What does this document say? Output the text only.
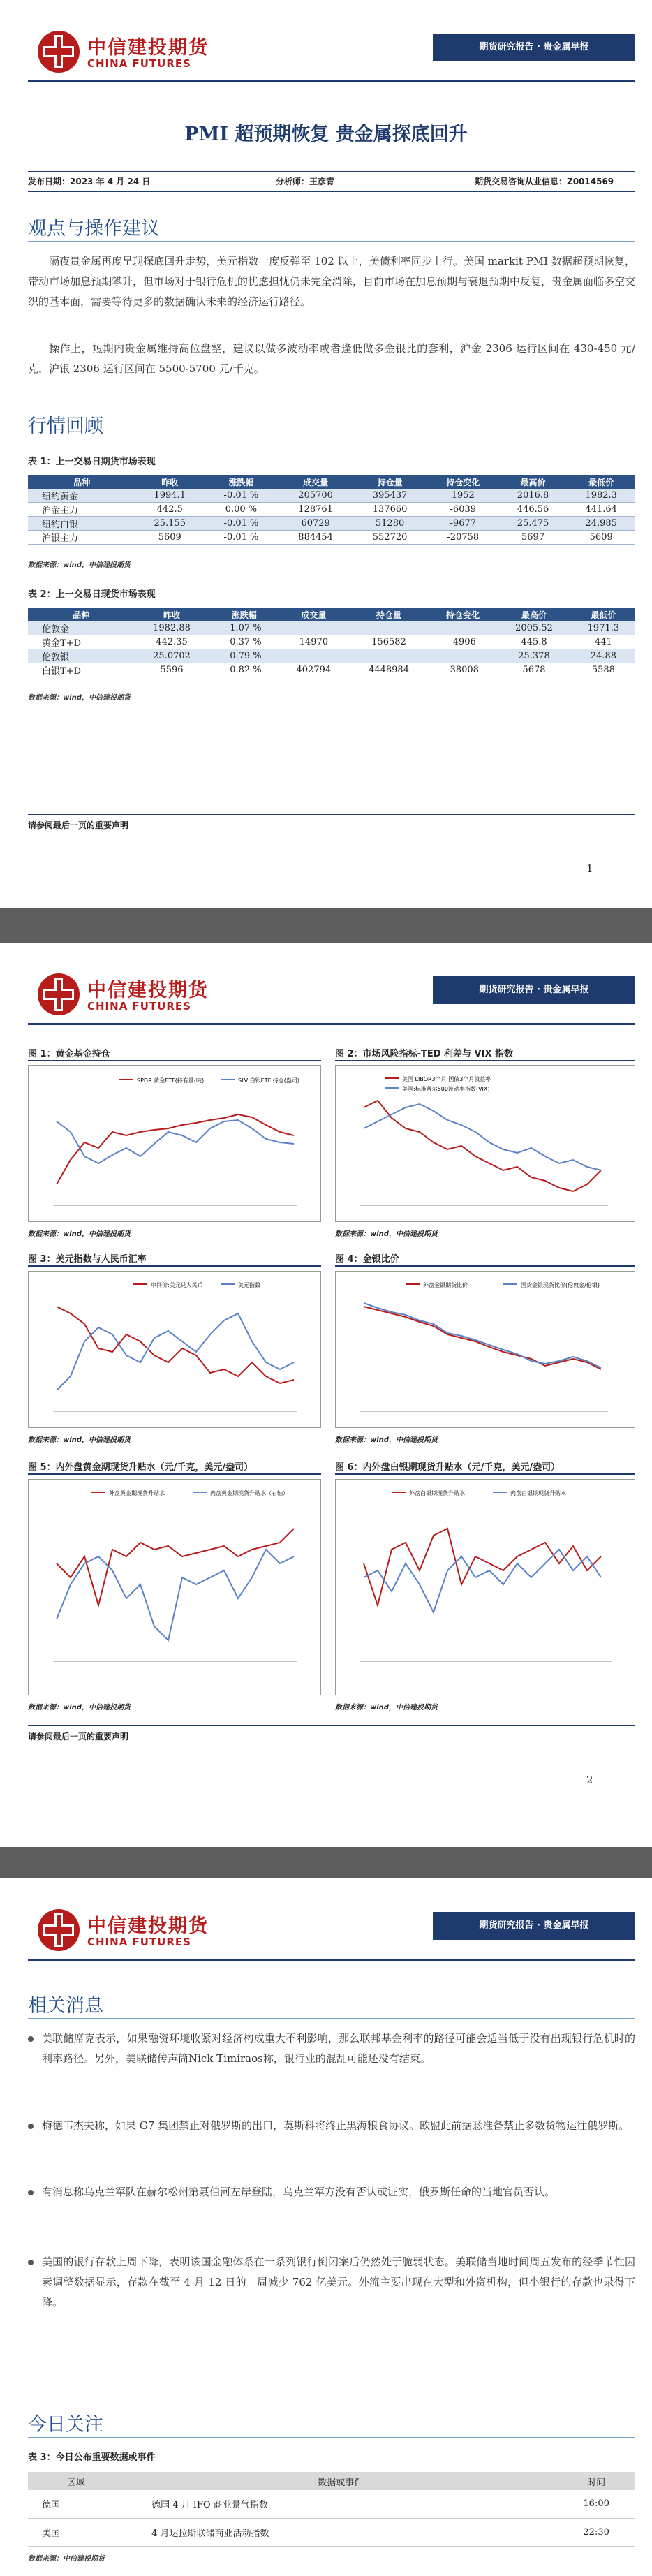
中信建投期货
CHINA FUTURES
期货研究报告 · 贵金属早报
PMI 超预期恢复 贵金属探底回升
发布日期：2023 年 4 月 24 日	分析师：王彦青	期货交易咨询从业信息：Z0014569
观点与操作建议
隔夜贵金属再度呈现探底回升走势，美元指数一度反弹至 102 以上，美债利率同步上行。美国 markit PMI 数据超预期恢复，带动市场加息预期攀升，但市场对于银行危机的忧虑担忧仍未完全消除，目前市场在加息预期与衰退预期中反复，贵金属面临多空交织的基本面，需要等待更多的数据确认未来的经济运行路径。
操作上，短期内贵金属维持高位盘整，建议以做多波动率或者逢低做多金银比的套利，沪金 2306 运行区间在 430-450 元/克，沪银 2306 运行区间在 5500-5700 元/千克。
行情回顾
表 1：上一交易日期货市场表现
品种	昨收	涨跌幅	成交量	持仓量	持仓变化	最高价	最低价
纽约黄金	1994.1	-0.01 %	205700	395437	1952	2016.8	1982.3
沪金主力	442.5	0.00 %	128761	137660	-6039	446.56	441.64
纽约白银	25.155	-0.01 %	60729	51280	-9677	25.475	24.985
沪银主力	5609	-0.01 %	884454	552720	-20758	5697	5609
数据来源：wind，中信建投期货
表 2：上一交易日现货市场表现
品种	昨收	涨跌幅	成交量	持仓量	持仓变化	最高价	最低价
伦敦金	1982.88	-1.07 %	–	–	–	2005.52	1971.3
黄金T+D	442.35	-0.37 %	14970	156582	-4906	445.8	441
伦敦银	25.0702	-0.79 %				25.378	24.88
白银T+D	5596	-0.82 %	402794	4448984	-38008	5678	5588
数据来源：wind，中信建投期货
请参阅最后一页的重要声明
1
中信建投期货
CHINA FUTURES
期货研究报告 · 贵金属早报
图 1：黄金基金持仓
SPDR 黄金ETF(持有量(吨)	SLV 白银ETF 持仓(盎司)
数据来源：wind，中信建投期货
图 2：市场风险指标-TED 利差与 VIX 指数
美国 LIBOR3个月 国债3个月收益率
美国:标准普尔500波动率指数(VIX)
数据来源：wind，中信建投期货
图 3：美元指数与人民币汇率
中间价:美元兑人民币	美元指数
数据来源：wind，中信建投期货
图 4：金银比价
外盘金银期货比价	国货金银现货比价(伦敦金/伦银)
数据来源：wind，中信建投期货
图 5：内外盘黄金期现货升贴水（元/千克，美元/盎司）
外盘黄金期现货升贴水	内盘黄金期现货升贴水（右轴）
数据来源：wind，中信建投期货
图 6：内外盘白银期现货升贴水（元/千克，美元/盎司）
外盘白银期现货升贴水	内盘白银期现货升贴水
数据来源：wind，中信建投期货
请参阅最后一页的重要声明
2
中信建投期货
CHINA FUTURES
期货研究报告 · 贵金属早报
相关消息
美联储席克表示，如果融资环境收紧对经济构成重大不利影响，那么联邦基金利率的路径可能会适当低于没有出现银行危机时的利率路径。另外，美联储传声筒Nick Timiraos称，银行业的混乱可能还没有结束。
梅德韦杰夫称，如果 G7 集团禁止对俄罗斯的出口，莫斯科将终止黑海粮食协议。欧盟此前据悉准备禁止多数货物运往俄罗斯。
有消息称乌克兰军队在赫尔松州第聂伯河左岸登陆，乌克兰军方没有否认或证实，俄罗斯任命的当地官员否认。
美国的银行存款上周下降，表明该国金融体系在一系列银行倒闭案后仍然处于脆弱状态。美联储当地时间周五发布的经季节性因素调整数据显示，存款在截至 4 月 12 日的一周减少 762 亿美元。外流主要出现在大型和外资机构，但小银行的存款也录得下降。
今日关注
表 3：今日公布重要数据或事件
区域	数据或事件	时间
德国	德国 4 月 IFO 商业景气指数	16:00
美国	4 月达拉斯联储商业活动指数	22:30
数据来源：中信建投期货
